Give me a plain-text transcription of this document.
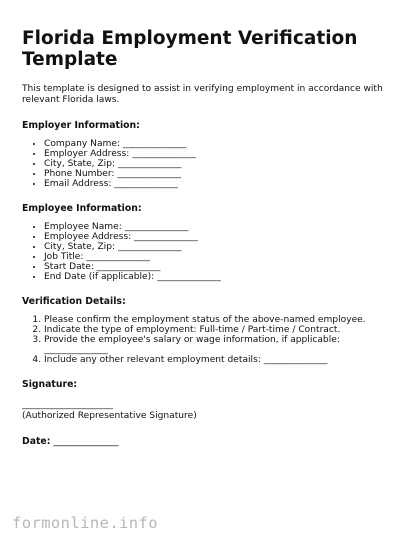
Florida Employment Verification Template

This template is designed to assist in verifying employment in accordance with relevant Florida laws.

Employer Information:
• Company Name: ______________
• Employer Address: ______________
• City, State, Zip: ______________
• Phone Number: ______________
• Email Address: ______________
Employee Information:
• Employee Name: ______________
• Employee Address: ______________
• City, State, Zip: ______________
• Job Title: ______________
• Start Date: ______________
• End Date (if applicable): ______________
Verification Details:
1. Please confirm the employment status of the above-named employee.
2. Indicate the type of employment: Full-time / Part-time / Contract.
3. Provide the employee's salary or wage information, if applicable: ______________
4. Include any other relevant employment details: ______________
Signature:
____________________
(Authorized Representative Signature)
Date: ______________
formonline.info
